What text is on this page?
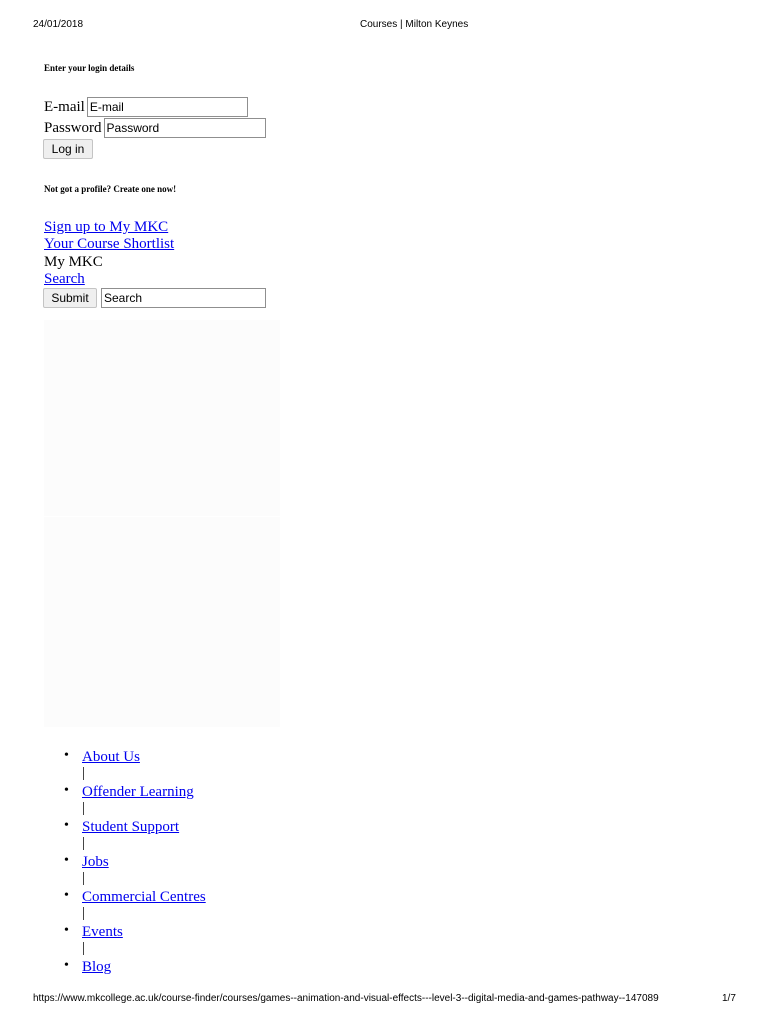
24/01/2018	Courses | Milton Keynes
Enter your login details
E-mail
E-mail
Password
Password
Log in
Not got a profile? Create one now!
Sign up to My MKC
Your Course Shortlist
My MKC
Search
Submit
Search
• About Us
|
• Offender Learning
|
• Student Support
|
• Jobs
|
• Commercial Centres
|
• Events
|
• Blog
https://www.mkcollege.ac.uk/course-finder/courses/games--animation-and-visual-effects---level-3--digital-media-and-games-pathway--147089	1/7
